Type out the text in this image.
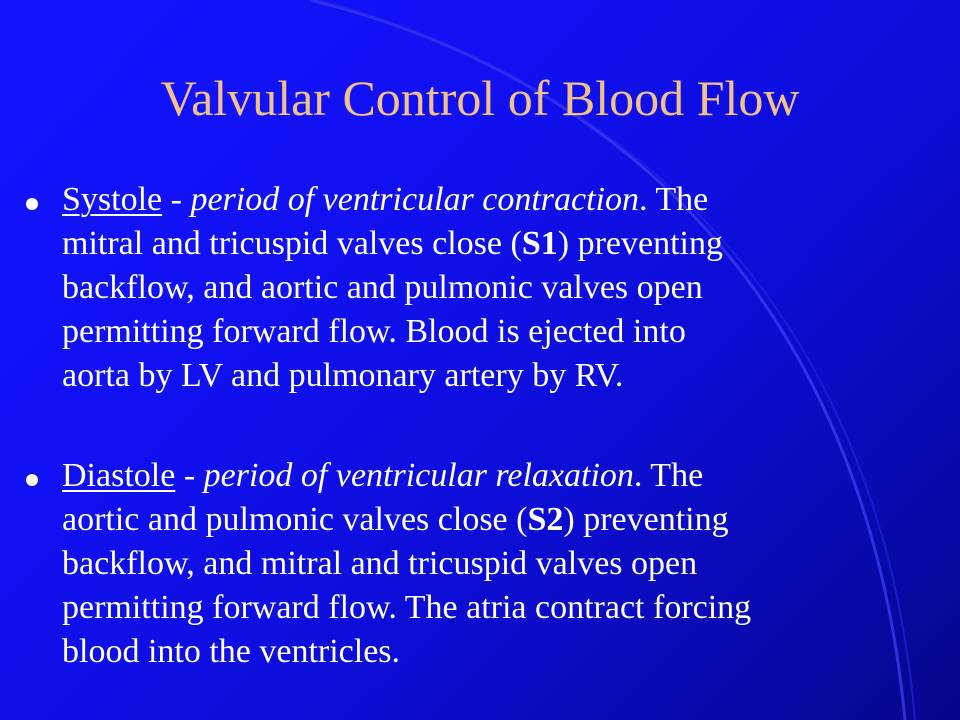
Valvular Control of Blood Flow
Systole - period of ventricular contraction. The
mitral and tricuspid valves close (S1) preventing
backflow, and aortic and pulmonic valves open
permitting forward flow. Blood is ejected into
aorta by LV and pulmonary artery by RV.
Diastole - period of ventricular relaxation. The
aortic and pulmonic valves close (S2) preventing
backflow, and mitral and tricuspid valves open
permitting forward flow. The atria contract forcing
blood into the ventricles.
